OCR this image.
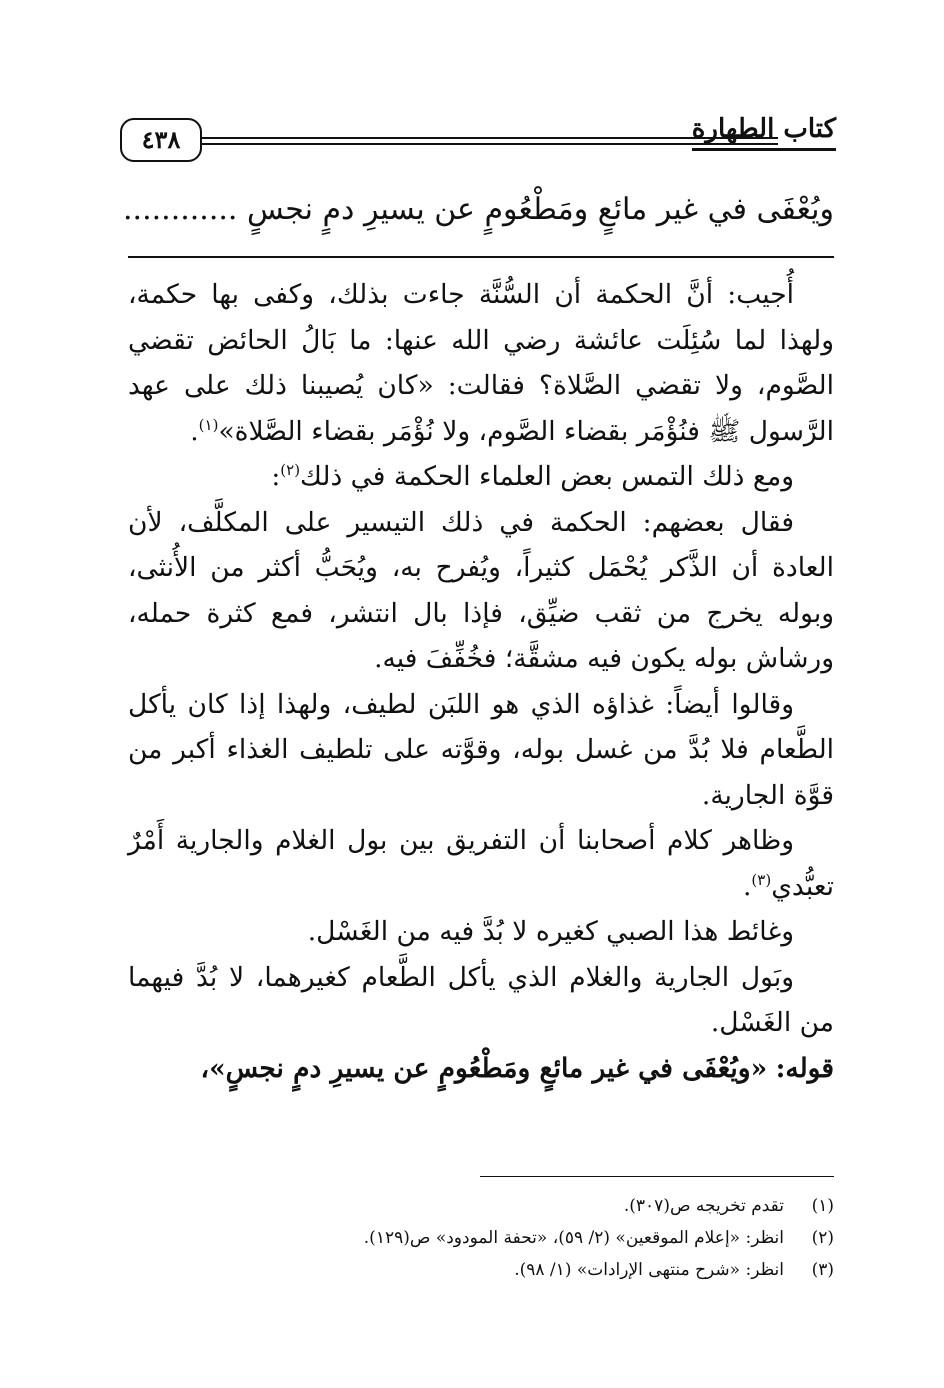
كتاب الطهارة
٤٣٨
ويُعْفَى في غير مائعٍ ومَطْعُومٍ عن يسيرِ دمٍ نجسٍ ............

أُجيب: أنَّ الحكمة أن السُّنَّة جاءت بذلك، وكفى بها حكمة، ولهذا لما سُئِلَت عائشة رضي الله عنها: ما بَالُ الحائض تقضي الصَّوم، ولا تقضي الصَّلاة؟ فقالت: «كان يُصيبنا ذلك على عهد الرَّسول ﷺ فنُؤْمَر بقضاء الصَّوم، ولا نُؤْمَر بقضاء الصَّلاة»$^{(١)}$.

ومع ذلك التمس بعض العلماء الحكمة في ذلك$^{(٢)}$:

فقال بعضهم: الحكمة في ذلك التيسير على المكلَّف، لأن العادة أن الذَّكر يُحْمَل كثيراً، ويُفرح به، ويُحَبُّ أكثر من الأُنثى، وبوله يخرج من ثقب ضيِّق، فإذا بال انتشر، فمع كثرة حمله، ورشاش بوله يكون فيه مشقَّة؛ فخُفِّفَ فيه.

وقالوا أيضاً: غذاؤه الذي هو اللبَن لطيف، ولهذا إذا كان يأكل الطَّعام فلا بُدَّ من غسل بوله، وقوَّته على تلطيف الغذاء أكبر من قوَّة الجارية.

وظاهر كلام أصحابنا أن التفريق بين بول الغلام والجارية أَمْرٌ تعبُّدي$^{(٣)}$.

وغائط هذا الصبي كغيره لا بُدَّ فيه من الغَسْل.

وبَول الجارية والغلام الذي يأكل الطَّعام كغيرهما، لا بُدَّ فيهما من الغَسْل.

قوله: «ويُعْفَى في غير مائعٍ ومَطْعُومٍ عن يسيرِ دمٍ نجسٍ»،

(١)
تقدم تخريجه ص(٣٠٧).
(٢)
انظر: «إعلام الموقعين» (٢/ ٥٩)، «تحفة المودود» ص(١٢٩).
(٣)
انظر: «شرح منتهى الإرادات» (١/ ٩٨).
